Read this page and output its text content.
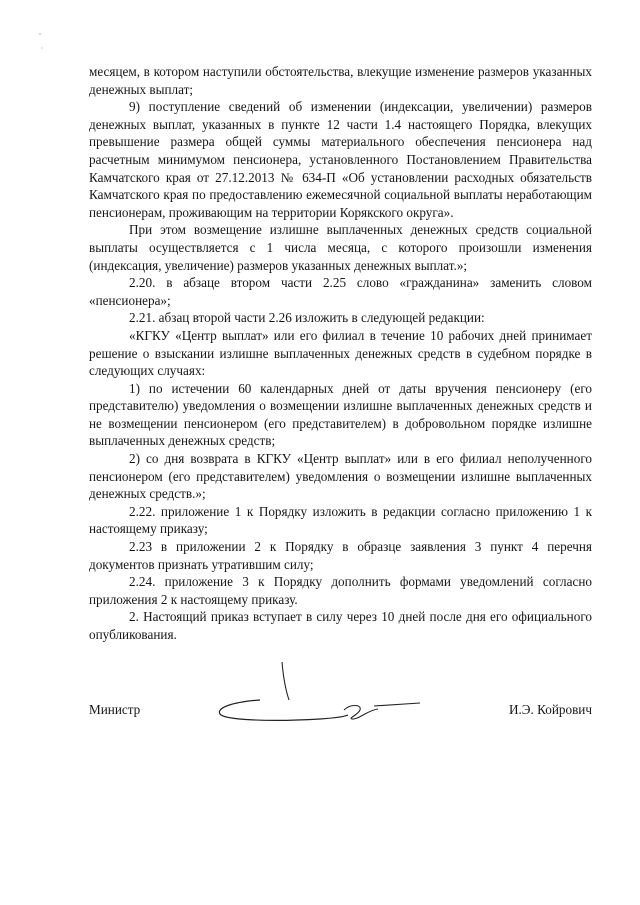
месяцем, в котором наступили обстоятельства, влекущие изменение размеров указанных денежных выплат;

9) поступление сведений об изменении (индексации, увеличении) размеров денежных выплат, указанных в пункте 12 части 1.4 настоящего Порядка, влекущих превышение размера общей суммы материального обеспечения пенсионера над расчетным минимумом пенсионера, установленного Постановлением Правительства Камчатского края от 27.12.2013 № 634-П «Об установлении расходных обязательств Камчатского края по предоставлению ежемесячной социальной выплаты неработающим пенсионерам, проживающим на территории Корякского округа».

При этом возмещение излишне выплаченных денежных средств социальной выплаты осуществляется с 1 числа месяца, с которого произошли изменения (индексация, увеличение) размеров указанных денежных выплат.»;

2.20. в абзаце втором части 2.25 слово «гражданина» заменить словом «пенсионера»;

2.21. абзац второй части 2.26 изложить в следующей редакции:

«КГКУ «Центр выплат» или его филиал в течение 10 рабочих дней принимает решение о взыскании излишне выплаченных денежных средств в судебном порядке в следующих случаях:

1) по истечении 60 календарных дней от даты вручения пенсионеру (его представителю) уведомления о возмещении излишне выплаченных денежных средств и не возмещении пенсионером (его представителем) в добровольном порядке излишне выплаченных денежных средств;

2) со дня возврата в КГКУ «Центр выплат» или в его филиал неполученного пенсионером (его представителем) уведомления о возмещении излишне выплаченных денежных средств.»;

2.22. приложение 1 к Порядку изложить в редакции согласно приложению 1 к настоящему приказу;

2.23 в приложении 2 к Порядку в образце заявления 3 пункт 4 перечня документов признать утратившим силу;

2.24. приложение 3 к Порядку дополнить формами уведомлений согласно приложения 2 к настоящему приказу.

2. Настоящий приказ вступает в силу через 10 дней после дня его официального опубликования.

Министр	И.Э. Койрович
